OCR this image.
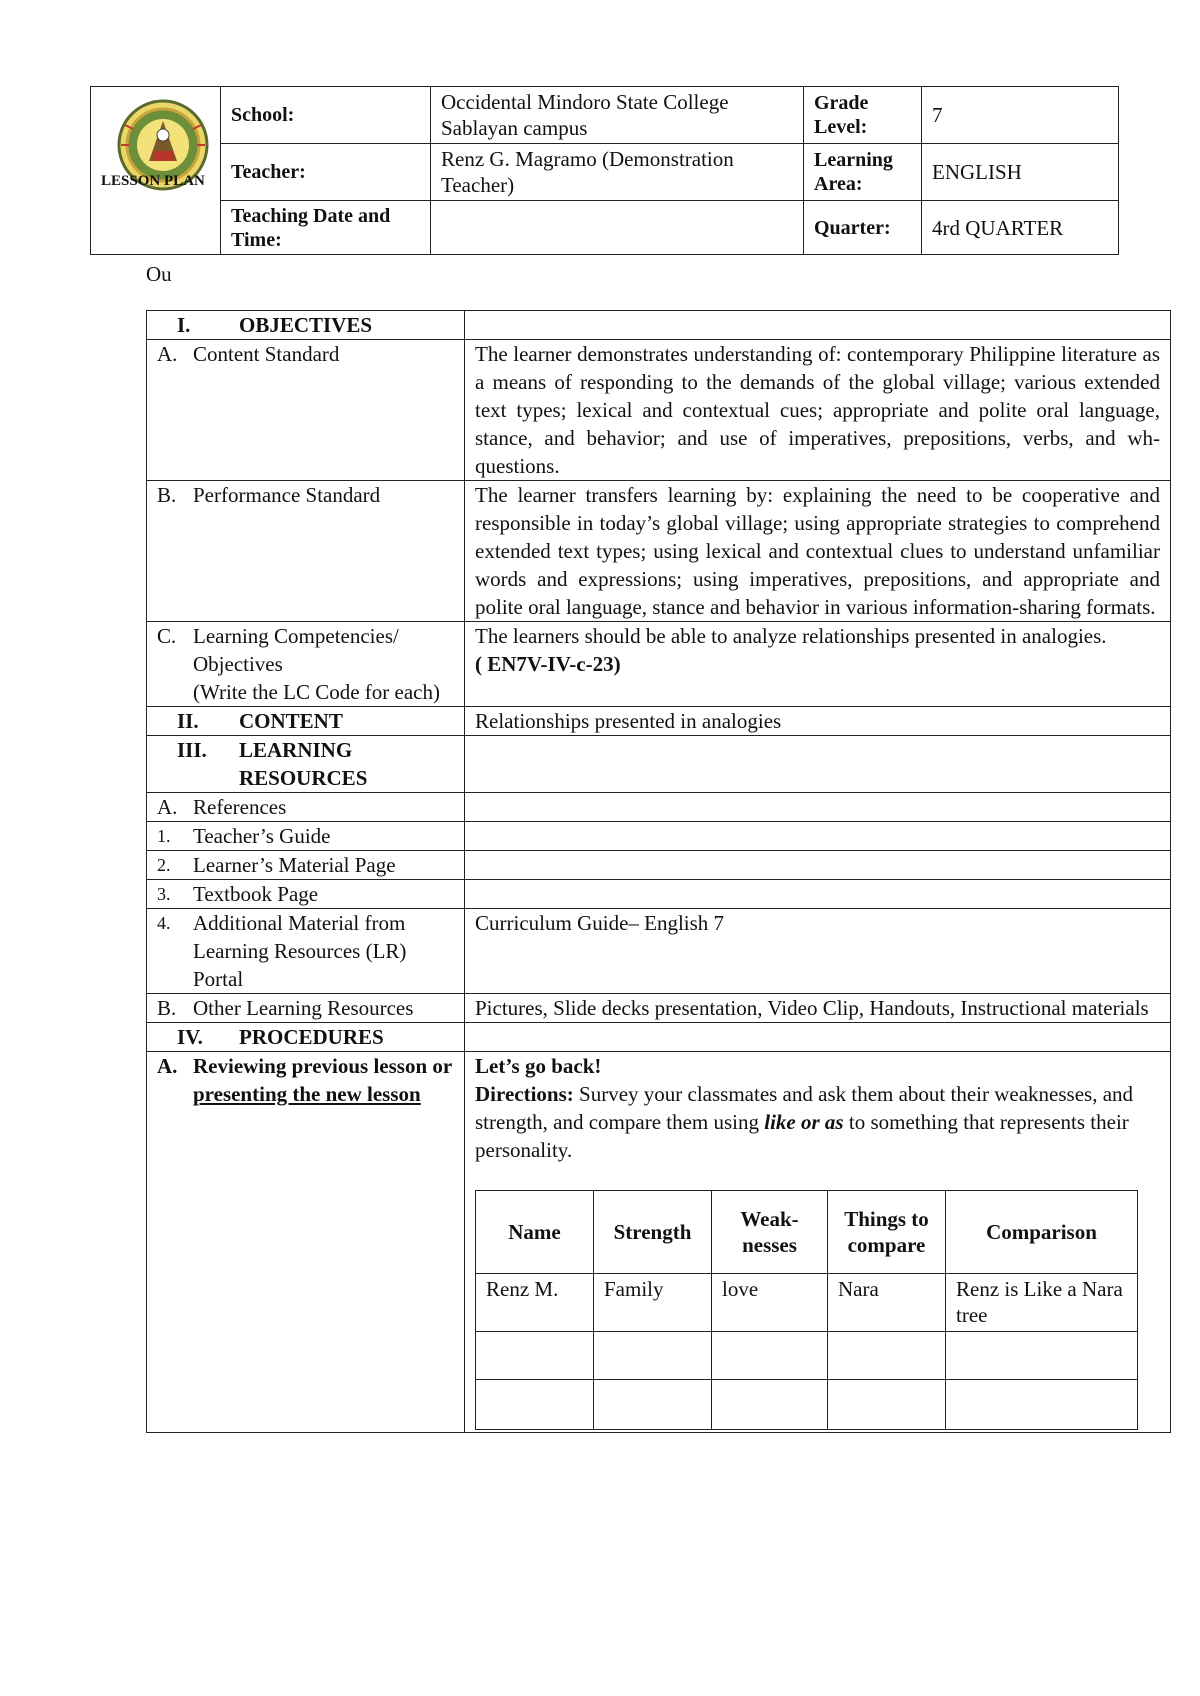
LESSON PLAN	School:	Occidental Mindoro State College Sablayan campus	Grade Level:	7
	Teacher:	Renz G. Magramo (Demonstration Teacher)	Learning Area:	ENGLISH
	Teaching Date and Time:		Quarter:	4rd QUARTER
Ou
I.	OBJECTIVES

A. Content Standard	The learner demonstrates understanding of: contemporary Philippine literature as a means of responding to the demands of the global village; various extended text types; lexical and contextual cues; appropriate and polite oral language, stance, and behavior; and use of imperatives, prepositions, verbs, and wh-questions.

B. Performance Standard	The learner transfers learning by: explaining the need to be cooperative and responsible in today’s global village; using appropriate strategies to comprehend extended text types; using lexical and contextual clues to understand unfamiliar words and expressions; using imperatives, prepositions, and appropriate and polite oral language, stance and behavior in various information-sharing formats.

C. Learning Competencies/ Objectives
(Write the LC Code for each)
	The learners should be able to analyze relationships presented in analogies.
( EN7V-IV-c-23)

II.	CONTENT	Relationships presented in analogies

III.	LEARNING RESOURCES

A. References

1.	Teacher’s Guide

2.	Learner’s Material Page

3.	Textbook Page

4.	Additional Material from Learning Resources (LR) Portal
	Curriculum Guide– English 7

B. Other Learning Resources	Pictures, Slide decks presentation, Video Clip, Handouts, Instructional materials

IV.	PROCEDURES

A. Reviewing previous lesson or presenting the new lesson

Let’s go back!
Directions: Survey your classmates and ask them about their weaknesses, and strength, and compare them using like or as to something that represents their personality.
Name	Strength	Weak-nesses	Things to compare	Comparison
Renz M.	Family	love	Nara	Renz is Like a Nara tree
